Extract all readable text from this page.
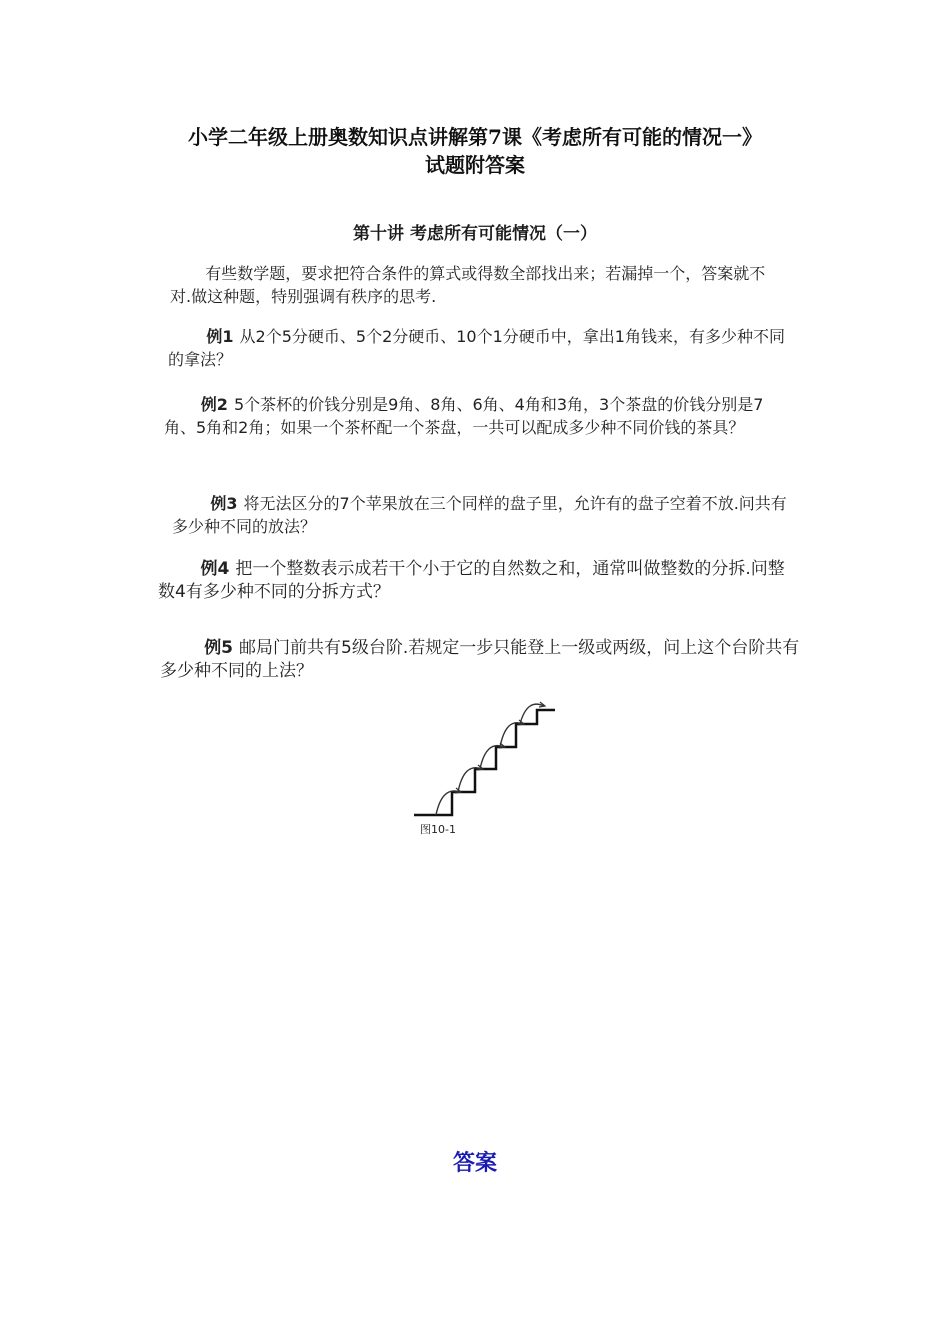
小学二年级上册奥数知识点讲解第7课《考虑所有可能的情况一》
试题附答案
第十讲 考虑所有可能情况（一）

有些数学题，要求把符合条件的算式或得数全部找出来；若漏掉一个，答案就不对.做这种题，特别强调有秩序的思考.

例1 从2个5分硬币、5个2分硬币、10个1分硬币中，拿出1角钱来，有多少种不同的拿法？

例2 5个茶杯的价钱分别是9角、8角、6角、4角和3角，3个茶盘的价钱分别是7角、5角和2角；如果一个茶杯配一个茶盘，一共可以配成多少种不同价钱的茶具？

例3 将无法区分的7个苹果放在三个同样的盘子里，允许有的盘子空着不放.问共有多少种不同的放法？

例4 把一个整数表示成若干个小于它的自然数之和，通常叫做整数的分拆.问整数4有多少种不同的分拆方式？

例5 邮局门前共有5级台阶.若规定一步只能登上一级或两级，问上这个台阶共有多少种不同的上法？

图10-1
答案
